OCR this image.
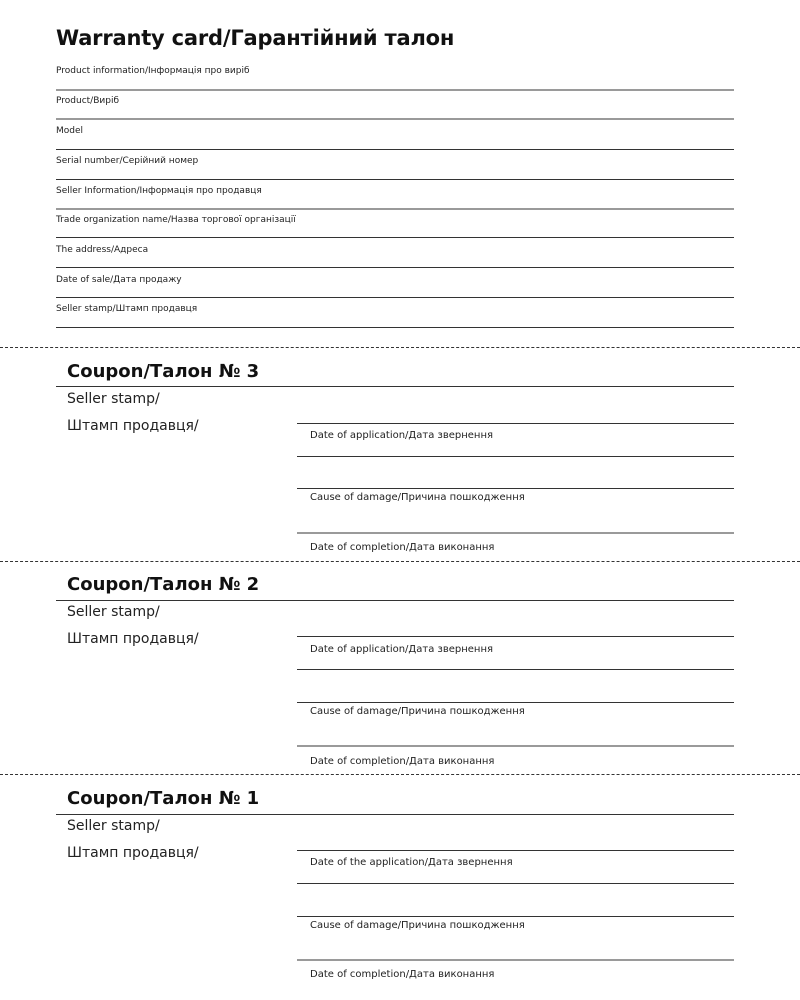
Warranty card/Гарантійний талон
Product information/Інформація про виріб
Product/Виріб
Model
Serial number/Серійний номер
Seller Information/Інформація про продавця
Trade organization name/Назва торгової організації
The address/Адреса
Date of sale/Дата продажу
Seller stamp/Штамп продавця
Coupon/Талон № 3
Seller stamp/
Штамп продавця/
Date of application/Дата звернення
Cause of damage/Причина пошкодження
Date of completion/Дата виконання
Coupon/Талон № 2
Seller stamp/
Штамп продавця/
Date of application/Дата звернення
Cause of damage/Причина пошкодження
Date of completion/Дата виконання
Coupon/Талон № 1
Seller stamp/
Штамп продавця/
Date of the application/Дата звернення
Cause of damage/Причина пошкодження
Date of completion/Дата виконання
